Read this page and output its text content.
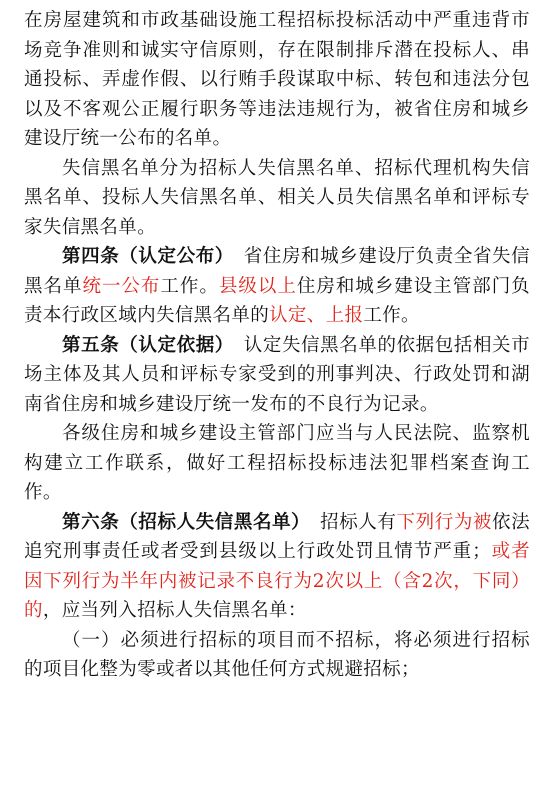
在房屋建筑和市政基础设施工程招标投标活动中严重违背市场竞争准则和诚实守信原则，存在限制排斥潜在投标人、串通投标、弄虚作假、以行贿手段谋取中标、转包和违法分包以及不客观公正履行职务等违法违规行为，被省住房和城乡建设厅统一公布的名单。

失信黑名单分为招标人失信黑名单、招标代理机构失信黑名单、投标人失信黑名单、相关人员失信黑名单和评标专家失信黑名单。

第四条（认定公布）　省住房和城乡建设厅负责全省失信黑名单统一公布工作。县级以上住房和城乡建设主管部门负责本行政区域内失信黑名单的认定、上报工作。

第五条（认定依据）　认定失信黑名单的依据包括相关市场主体及其人员和评标专家受到的刑事判决、行政处罚和湖南省住房和城乡建设厅统一发布的不良行为记录。

各级住房和城乡建设主管部门应当与人民法院、监察机构建立工作联系，做好工程招标投标违法犯罪档案查询工作。

第六条（招标人失信黑名单）　招标人有下列行为被依法追究刑事责任或者受到县级以上行政处罚且情节严重；或者因下列行为半年内被记录不良行为2次以上（含2次，下同）的，应当列入招标人失信黑名单：

（一）必须进行招标的项目而不招标，将必须进行招标的项目化整为零或者以其他任何方式规避招标；
